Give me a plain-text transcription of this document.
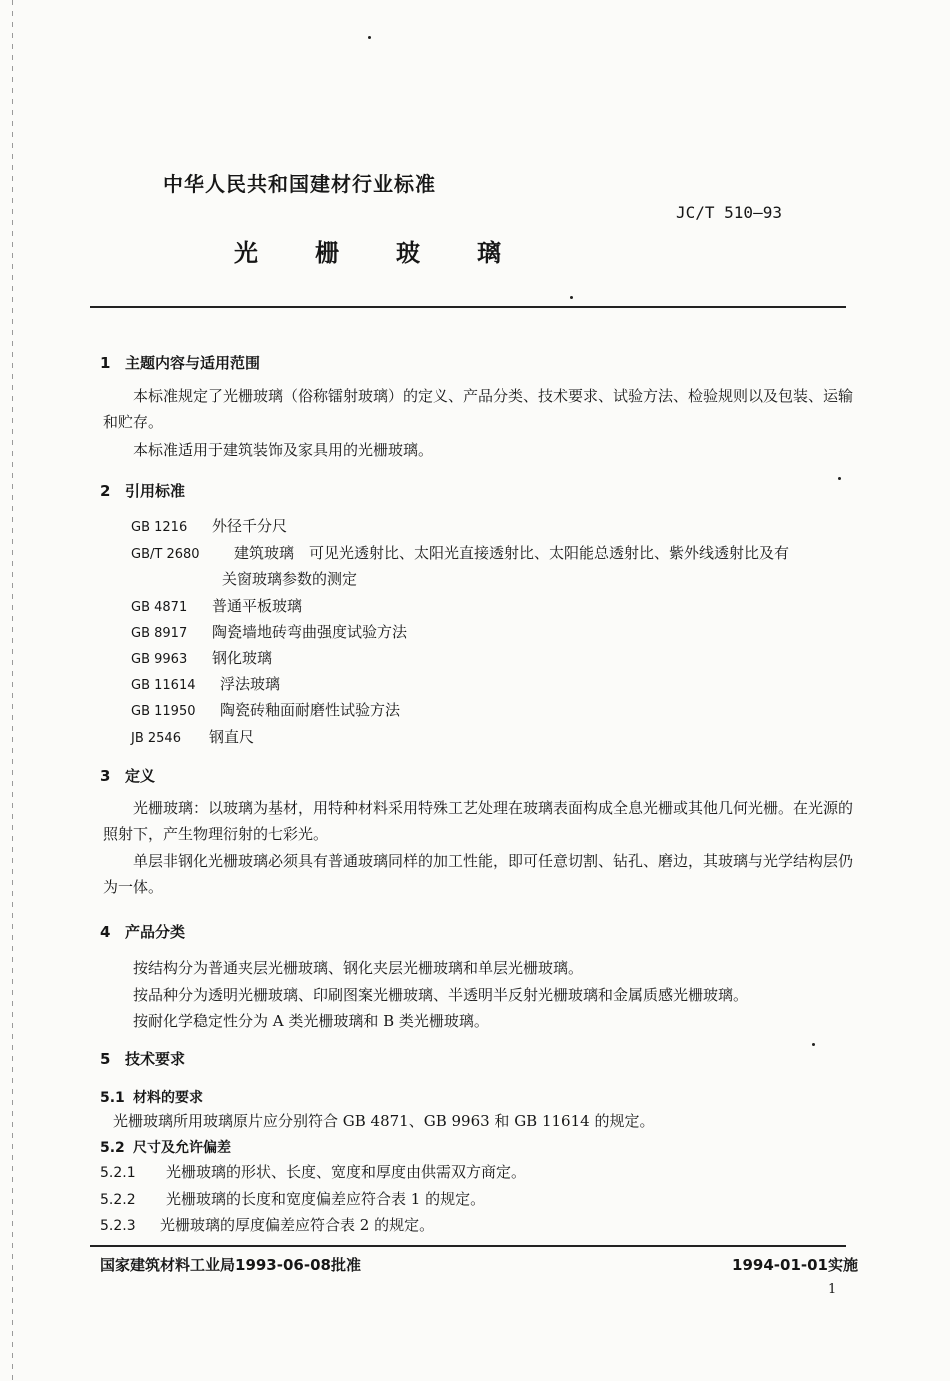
中华人民共和国建材行业标准
JC/T 510—93
光栅玻璃
1 主题内容与适用范围

本标准规定了光栅玻璃（俗称镭射玻璃）的定义、产品分类、技术要求、试验方法、检验规则以及包装、运输和贮存。

本标准适用于建筑装饰及家具用的光栅玻璃。

2 引用标准
GB 1216 外径千分尺
GB/T 2680 建筑玻璃　可见光透射比、太阳光直接透射比、太阳能总透射比、紫外线透射比及有
关窗玻璃参数的测定
GB 4871 普通平板玻璃
GB 8917 陶瓷墙地砖弯曲强度试验方法
GB 9963 钢化玻璃
GB 11614 浮法玻璃
GB 11950 陶瓷砖釉面耐磨性试验方法
JB 2546 钢直尺
3 定义

光栅玻璃：以玻璃为基材，用特种材料采用特殊工艺处理在玻璃表面构成全息光栅或其他几何光栅。在光源的照射下，产生物理衍射的七彩光。

单层非钢化光栅玻璃必须具有普通玻璃同样的加工性能，即可任意切割、钻孔、磨边，其玻璃与光学结构层仍为一体。

4 产品分类

按结构分为普通夹层光栅玻璃、钢化夹层光栅玻璃和单层光栅玻璃。

按品种分为透明光栅玻璃、印刷图案光栅玻璃、半透明半反射光栅玻璃和金属质感光栅玻璃。

按耐化学稳定性分为 A 类光栅玻璃和 B 类光栅玻璃。

5 技术要求
5.1 材料的要求

光栅玻璃所用玻璃原片应分别符合 GB 4871、GB 9963 和 GB 11614 的规定。

5.2 尺寸及允许偏差
5.2.1 光栅玻璃的形状、长度、宽度和厚度由供需双方商定。
5.2.2 光栅玻璃的长度和宽度偏差应符合表 1 的规定。
5.2.3 光栅玻璃的厚度偏差应符合表 2 的规定。
国家建筑材料工业局1993-06-08批准	1994-01-01实施
1
